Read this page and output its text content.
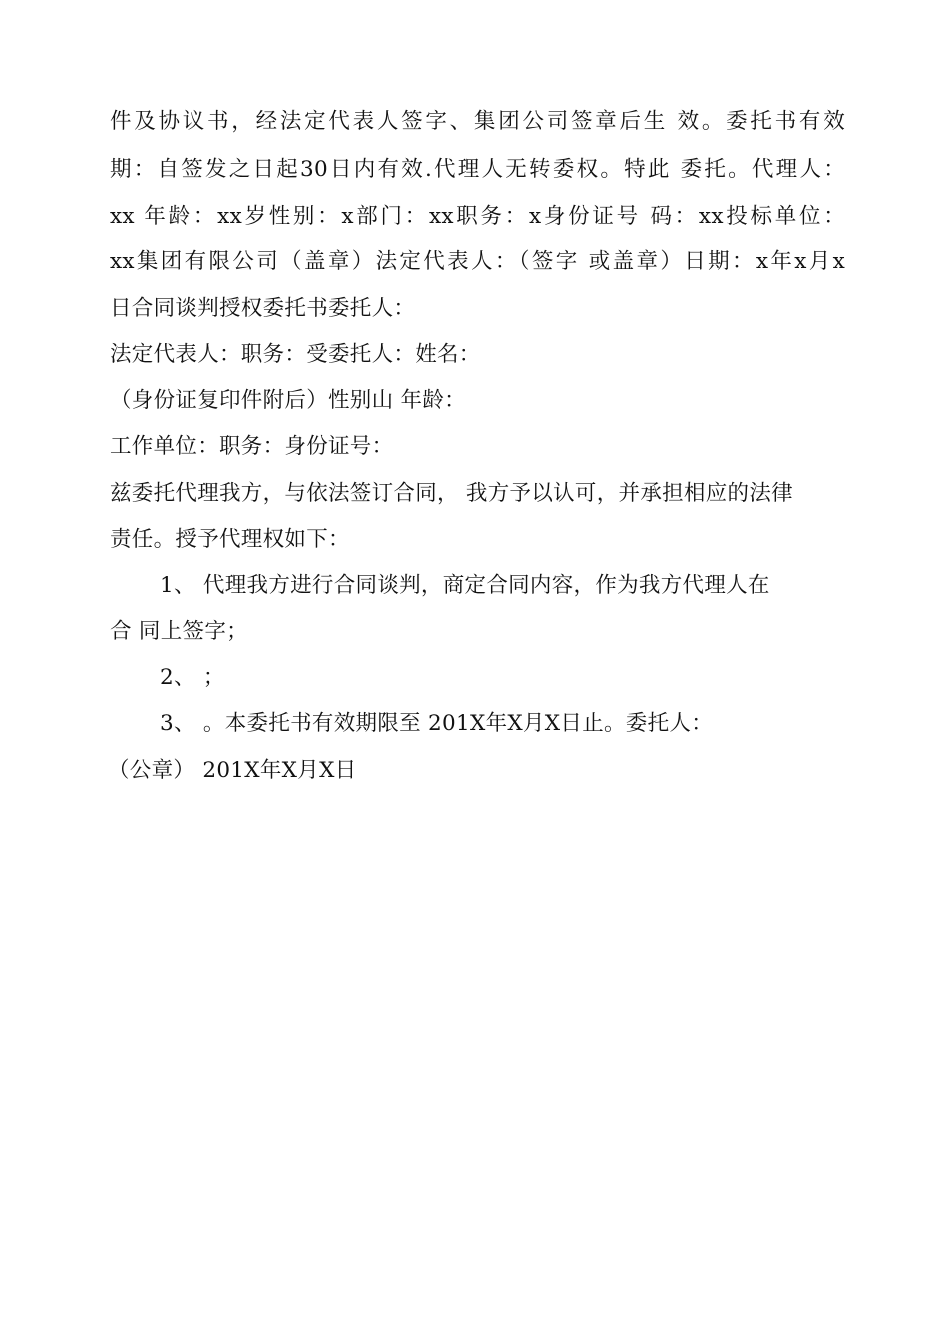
件及协议书，经法定代表人签字、集团公司签章后生 效。委托书有效
期：自签发之日起30日内有效.代理人无转委权。特此 委托。代理人：
xx 年龄：xx岁性别：x部门：xx职务：x身份证号 码：xx投标单位：
xx集团有限公司（盖章）法定代表人：（签字 或盖章）日期：x年x月x
日合同谈判授权委托书委托人：
法定代表人：职务：受委托人：姓名：
（身份证复印件附后）性别山 年龄：
工作单位：职务：身份证号：
兹委托代理我方，与依法签订合同， 我方予以认可，并承担相应的法律
责任。授予代理权如下：
1、 代理我方进行合同谈判，商定合同内容，作为我方代理人在
合 同上签字；
2、 ；
3、 。本委托书有效期限至 201X年X月X日止。委托人：
（公章） 201X年X月X日
